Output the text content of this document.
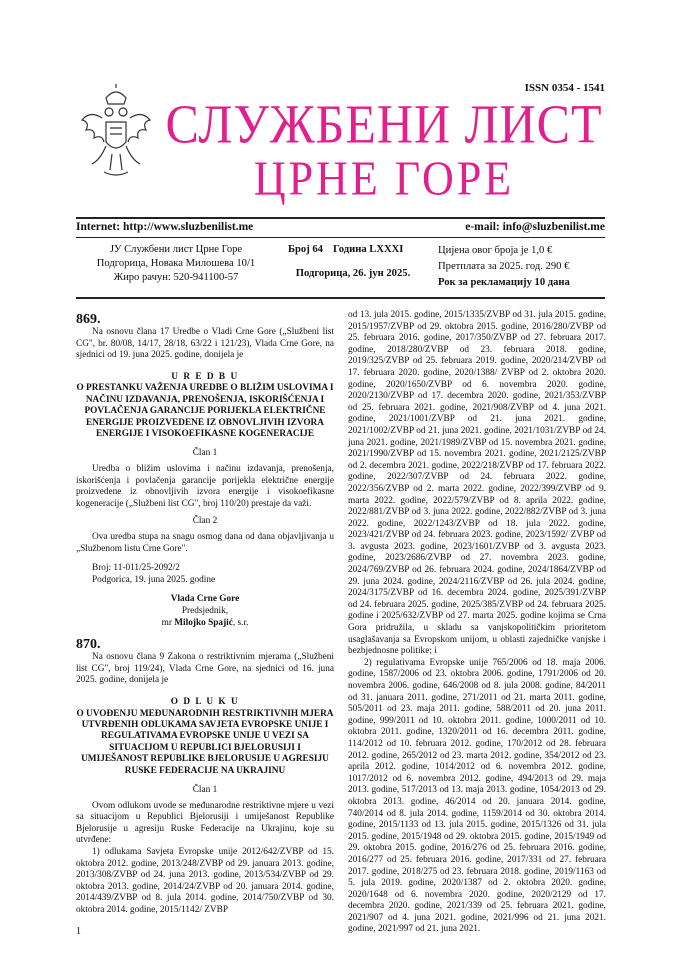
ISSN 0354 - 1541
СЛУЖБЕНИ ЛИСТ
ЦРНЕ ГОРЕ
Internet: http://www.sluzbenilist.me	e-mail: info@sluzbenilist.me
ЈУ Службени лист Црне Горе
Подгорица, Новака Милошева 10/1
Жиро рачун: 520-941100-57
Број 64 Година LXXXI
Подгорица, 26. јун 2025.
Цијена овог броја је 1,0 €
Претплата за 2025. год. 290 €
Рок за рекламацију 10 дана
869.

Na osnovu člana 17 Uredbe o Vladi Crne Gore („Službeni list CG", br. 80/08, 14/17, 28/18, 63/22 i 121/23), Vlada Crne Gore, na sjednici od 19. juna 2025. godine, donijela je

U R E D B U
O PRESTANKU VAŽENJA UREDBE O BLIŽIM USLOVIMA I NAČINU IZDAVANJA, PRENOŠENJA, ISKORIŠĆENJA I POVLAČENJA GARANCIJE PORIJEKLA ELEKTRIČNE ENERGIJE PROIZVEDENE IZ OBNOVLJIVIH IZVORA ENERGIJE I VISOKOEFIKASNE KOGENERACIJE
Član 1

Uredba o bližim uslovima i načinu izdavanja, prenošenja, iskorišćenja i povlačenja garancije porijekla električne energije proizvedene iz obnovljivih izvora energije i visokoefikasne kogeneracije („Službeni list CG", broj 110/20) prestaje da važi.

Član 2

Ova uredba stupa na snagu osmog dana od dana objavljivanja u „Službenom listu Crne Gore".

Broj: 11-011/25-2092/2

Podgorica, 19. juna 2025. godine

Vlada Crne Gore
Predsjednik,
mr Milojko Spajić, s.r.
870.

Na osnovu člana 9 Zakona o restriktivnim mjerama („Službeni list CG", broj 119/24), Vlada Crne Gore, na sjednici od 16. juna 2025. godine, donijela je

O D L U K U
O UVOĐENJU MEĐUNARODNIH RESTRIKTIVNIH MJERA UTVRĐENIH ODLUKAMA SAVJETA EVROPSKE UNIJE I REGULATIVAMA EVROPSKE UNIJE U VEZI SA SITUACIJOM U REPUBLICI BJELORUSIJI I UMIJEŠANOST REPUBLIKE BJELORUSIJE U AGRESIJU RUSKE FEDERACIJE NA UKRAJINU
Član 1

Ovom odlukom uvode se međunarodne restriktivne mjere u vezi sa situacijom u Republici Bjelorusiji i umiješanost Republike Bjelorusije u agresiju Ruske Federacije na Ukrajinu, koje su utvrđene:

1) odlukama Savjeta Evropske unije 2012/642/ZVBP od 15. oktobra 2012. godine, 2013/248/ZVBP od 29. januara 2013. godine, 2013/308/ZVBP od 24. juna 2013. godine, 2013/534/ZVBP od 29. oktobra 2013. godine, 2014/24/ZVBP od 20. januara 2014. godine, 2014/439/ZVBP od 8. jula 2014. godine, 2014/750/ZVBP od 30. oktobra 2014. godine, 2015/1142/ ZVBP

od 13. jula 2015. godine, 2015/1335/ZVBP od 31. jula 2015. godine, 2015/1957/ZVBP od 29. oktobra 2015. godine, 2016/280/ZVBP od 25. februara 2016. godine, 2017/350/ZVBP od 27. februara 2017. godine, 2018/280/ZVBP od 23. februara 2018. godine, 2019/325/ZVBP od 25. februara 2019. godine, 2020/214/ZVBP od 17. februara 2020. godine, 2020/1388/ ZVBP od 2. oktobra 2020. godine, 2020/1650/ZVBP od 6. novembra 2020. godine, 2020/2130/ZVBP od 17. decembra 2020. godine, 2021/353/ZVBP od 25. februara 2021. godine, 2021/908/ZVBP od 4. juna 2021. godine, 2021/1001/ZVBP od 21. juna 2021. godine, 2021/1002/ZVBP od 21. juna 2021. godine, 2021/1031/ZVBP od 24. juna 2021. godine, 2021/1989/ZVBP od 15. novembra 2021. godine, 2021/1990/ZVBP od 15. novembra 2021. godine, 2021/2125/ZVBP od 2. decembra 2021. godine, 2022/218/ZVBP od 17. februara 2022. godine, 2022/307/ZVBP od 24. februara 2022. godine, 2022/356/ZVBP od 2. marta 2022. godine, 2022/399/ZVBP od 9. marta 2022. godine, 2022/579/ZVBP od 8. aprila 2022. godine, 2022/881/ZVBP od 3. juna 2022. godine, 2022/882/ZVBP od 3. juna 2022. godine, 2022/1243/ZVBP od 18. jula 2022. godine, 2023/421/ZVBP od 24. februara 2023. godine, 2023/1592/ ZVBP od 3. avgusta 2023. godine, 2023/1601/ZVBP od 3. avgusta 2023. godine, 2023/2686/ZVBP od 27. novembra 2023. godine, 2024/769/ZVBP od 26. februara 2024. godine, 2024/1864/ZVBP od 29. juna 2024. godine, 2024/2116/ZVBP od 26. jula 2024. godine, 2024/3175/ZVBP od 16. decembra 2024. godine, 2025/391/ZVBP od 24. februara 2025. godine, 2025/385/ZVBP od 24. februara 2025. godine i 2025/632/ZVBP od 27. marta 2025. godine kojima se Crna Gora pridružila, u skladu sa vanjskopolitičkim prioritetom usaglašavanja sa Evropskom unijom, u oblasti zajedničke vanjske i bezbjednosne politike; i

2) regulativama Evropske unije 765/2006 od 18. maja 2006. godine, 1587/2006 od 23. oktobra 2006. godine, 1791/2006 od 20. novembra 2006. godine, 646/2008 od 8. jula 2008. godine, 84/2011 od 31. januara 2011. godine, 271/2011 od 21. marta 2011. godine, 505/2011 od 23. maja 2011. godine, 588/2011 od 20. juna 2011. godine, 999/2011 od 10. oktobra 2011. godine, 1000/2011 od 10. oktobra 2011. godine, 1320/2011 od 16. decembra 2011. godine, 114/2012 od 10. februara 2012. godine, 170/2012 od 28. februara 2012. godine, 265/2012 od 23. marta 2012. godine, 354/2012 od 23. aprila 2012. godine, 1014/2012 od 6. novembra 2012. godine, 1017/2012 od 6. novembra 2012. godine, 494/2013 od 29. maja 2013. godine, 517/2013 od 13. maja 2013. godine, 1054/2013 od 29. oktobra 2013. godine, 46/2014 od 20. januara 2014. godine, 740/2014 od 8. jula 2014. godine, 1159/2014 od 30. oktobra 2014. godine, 2015/1133 od 13. jula 2015. godine, 2015/1326 od 31. jula 2015. godine, 2015/1948 od 29. oktobra 2015. godine, 2015/1949 od 29. oktobra 2015. godine, 2016/276 od 25. februara 2016. godine, 2016/277 od 25. februara 2016. godine, 2017/331 od 27. februara 2017. godine, 2018/275 od 23. februara 2018. godine, 2019/1163 od 5. jula 2019. godine, 2020/1387 od 2. oktobra 2020. godine, 2020/1648 od 6. novembra 2020. godine, 2020/2129 od 17. decembra 2020. godine, 2021/339 od 25. februara 2021. godine, 2021/907 od 4. juna 2021. godine, 2021/996 od 21. juna 2021. godine, 2021/997 od 21. juna 2021.

1
